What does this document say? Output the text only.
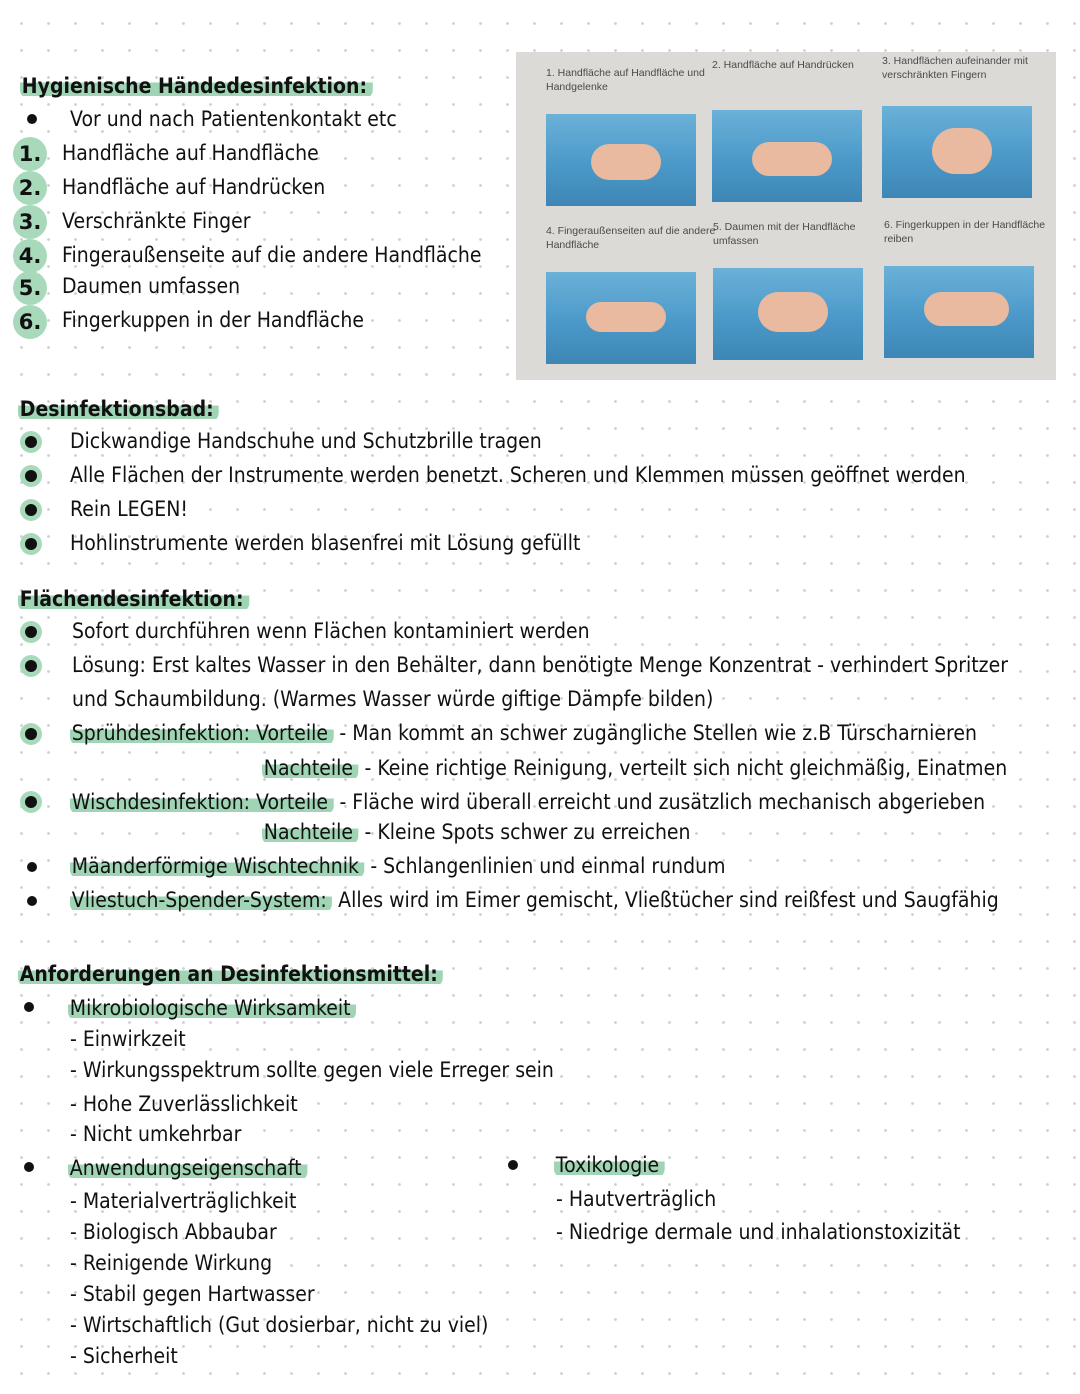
Hygienische Händedesinfektion:
Vor und nach Patientenkontakt etc
1. Handfläche auf Handfläche
2. Handfläche auf Handrücken
3. Verschränkte Finger
4. Fingeraußenseite auf die andere Handfläche
5. Daumen umfassen
6. Fingerkuppen in der Handfläche
1. Handfläche auf Handfläche und Handgelenke
2. Handfläche auf Handrücken	3. Handflächen aufeinander mit verschränkten Fingern
4. Fingeraußenseiten auf die andere Handfläche
5. Daumen mit der Handfläche umfassen
6. Fingerkuppen in der Handfläche reiben
Desinfektionsbad:
Dickwandige Handschuhe und Schutzbrille tragen
Alle Flächen der Instrumente werden benetzt. Scheren und Klemmen müssen geöffnet werden
Rein LEGEN!
Hohlinstrumente werden blasenfrei mit Lösung gefüllt
Flächendesinfektion:
Sofort durchführen wenn Flächen kontaminiert werden
Lösung: Erst kaltes Wasser in den Behälter, dann benötigte Menge Konzentrat - verhindert Spritzer
und Schaumbildung. (Warmes Wasser würde giftige Dämpfe bilden)
Sprühdesinfektion: Vorteile - Man kommt an schwer zugängliche Stellen wie z.B Türscharnieren
Nachteile - Keine richtige Reinigung, verteilt sich nicht gleichmäßig, Einatmen
Wischdesinfektion: Vorteile - Fläche wird überall erreicht und zusätzlich mechanisch abgerieben
Nachteile - Kleine Spots schwer zu erreichen
Mäanderförmige Wischtechnik - Schlangenlinien und einmal rundum
Vliestuch-Spender-System: Alles wird im Eimer gemischt, Vließtücher sind reißfest und Saugfähig
Anforderungen an Desinfektionsmittel:
Mikrobiologische Wirksamkeit
- Einwirkzeit
- Wirkungsspektrum sollte gegen viele Erreger sein
- Hohe Zuverlässlichkeit
- Nicht umkehrbar
Anwendungseigenschaft
- Materialverträglichkeit
- Biologisch Abbaubar
- Reinigende Wirkung
- Stabil gegen Hartwasser
- Wirtschaftlich (Gut dosierbar, nicht zu viel)
- Sicherheit
Toxikologie
- Hautverträglich
- Niedrige dermale und inhalationstoxizität
